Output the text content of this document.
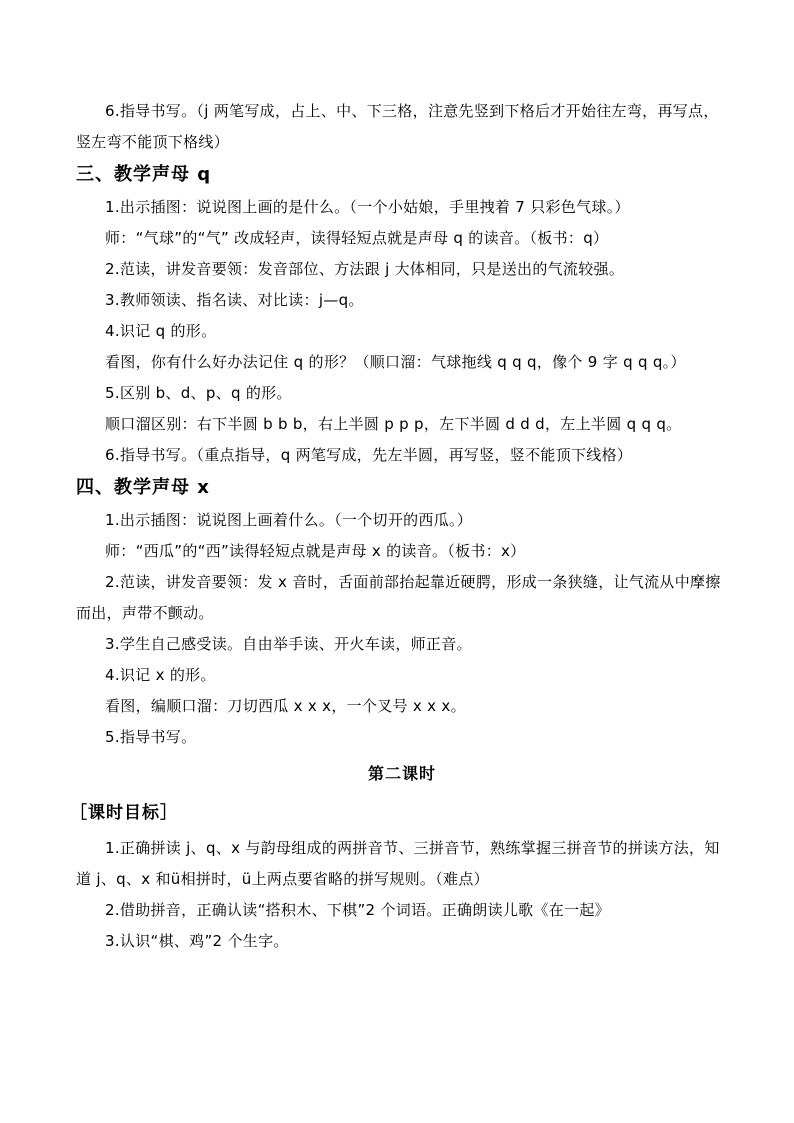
6.指导书写。（j 两笔写成，占上、中、下三格，注意先竖到下格后才开始往左弯，再写点，竖左弯不能顶下格线）

三、教学声母 q

1.出示插图：说说图上画的是什么。（一个小姑娘，手里拽着 7 只彩色气球。）

师：“气球”的“气” 改成轻声，读得轻短点就是声母 q 的读音。（板书：q）

2.范读，讲发音要领：发音部位、方法跟 j 大体相同，只是送出的气流较强。

3.教师领读、指名读、对比读：j—q。

4.识记 q 的形。

看图，你有什么好办法记住 q 的形？（顺口溜：气球拖线 q q q，像个 9 字 q q q。）

5.区别 b、d、p、q 的形。

顺口溜区别：右下半圆 b b b，右上半圆 p p p，左下半圆 d d d，左上半圆 q q q。

6.指导书写。（重点指导，q 两笔写成，先左半圆，再写竖，竖不能顶下线格）

四、教学声母 x

1.出示插图：说说图上画着什么。（一个切开的西瓜。）

师：“西瓜”的“西”读得轻短点就是声母 x 的读音。（板书：x）

2.范读，讲发音要领：发 x 音时，舌面前部抬起靠近硬腭，形成一条狭缝，让气流从中摩擦而出，声带不颤动。

3.学生自己感受读。自由举手读、开火车读，师正音。

4.识记 x 的形。

看图，编顺口溜：刀切西瓜 x x x，一个叉号 x x x。

5.指导书写。

第二课时

［课时目标］

1.正确拼读 j、q、x 与韵母组成的两拼音节、三拼音节，熟练掌握三拼音节的拼读方法，知道 j、q、x 和ü相拼时，ü上两点要省略的拼写规则。（难点）

2.借助拼音，正确认读“搭积木、下棋”2 个词语。正确朗读儿歌《在一起》

3.认识“棋、鸡”2 个生字。
